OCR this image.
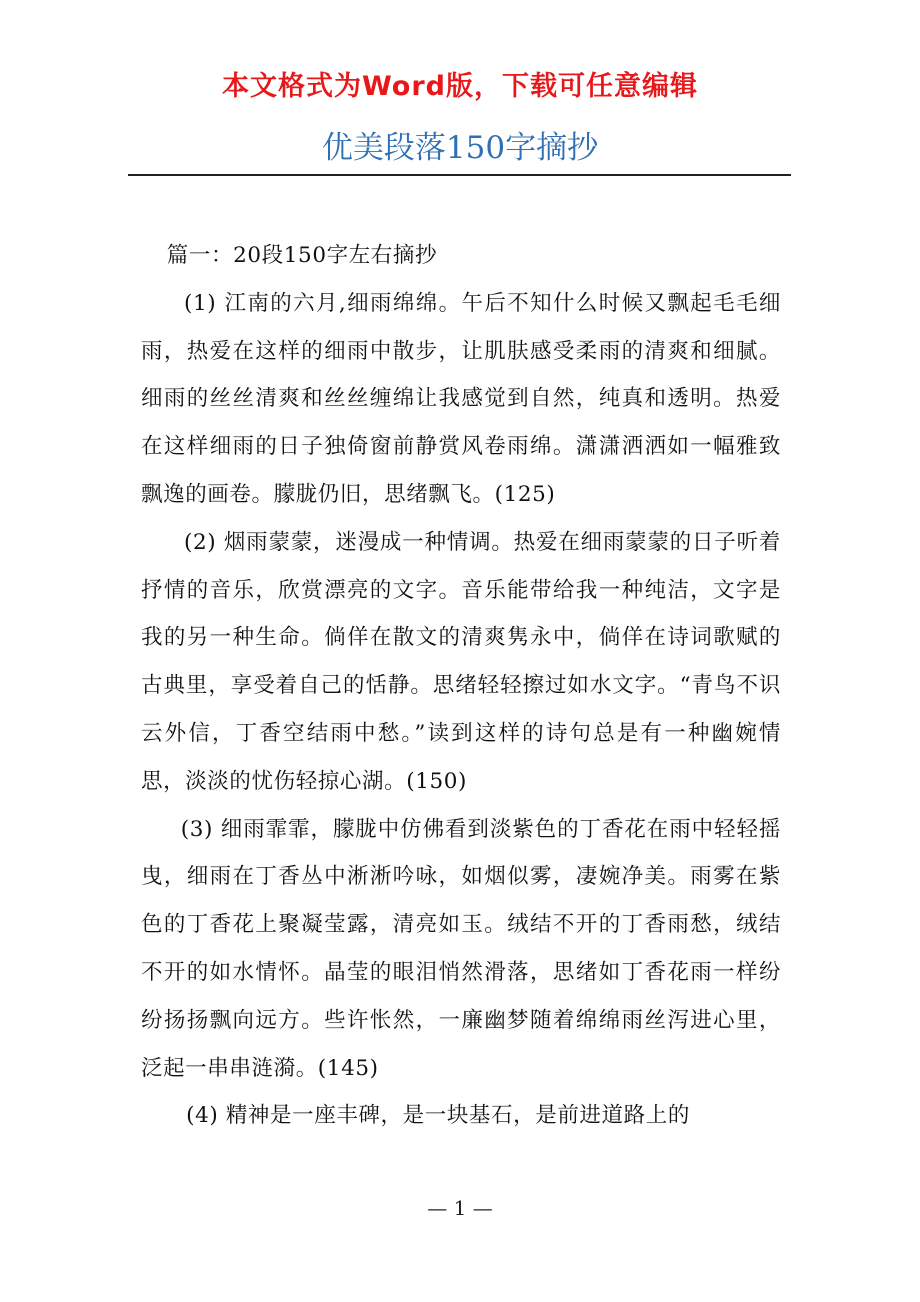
本文格式为Word版，下载可任意编辑
优美段落150字摘抄

篇一：20段150字左右摘抄

(1) 江南的六月,细雨绵绵。午后不知什么时候又飘起毛毛细雨，热爱在这样的细雨中散步，让肌肤感受柔雨的清爽和细腻。细雨的丝丝清爽和丝丝缠绵让我感觉到自然，纯真和透明。热爱在这样细雨的日子独倚窗前静赏风卷雨绵。潇潇洒洒如一幅雅致飘逸的画卷。朦胧仍旧，思绪飘飞。(125)

(2) 烟雨蒙蒙，迷漫成一种情调。热爱在细雨蒙蒙的日子听着抒情的音乐，欣赏漂亮的文字。音乐能带给我一种纯洁，文字是我的另一种生命。倘佯在散文的清爽隽永中，倘佯在诗词歌赋的古典里，享受着自己的恬静。思绪轻轻擦过如水文字。“青鸟不识云外信，丁香空结雨中愁。”读到这样的诗句总是有一种幽婉情思，淡淡的忧伤轻掠心湖。(150)

(3) 细雨霏霏，朦胧中仿佛看到淡紫色的丁香花在雨中轻轻摇曳，细雨在丁香丛中淅淅吟咏，如烟似雾，凄婉净美。雨雾在紫色的丁香花上聚凝莹露，清亮如玉。绒结不开的丁香雨愁，绒结不开的如水情怀。晶莹的眼泪悄然滑落，思绪如丁香花雨一样纷纷扬扬飘向远方。些许怅然，一廉幽梦随着绵绵雨丝泻进心里，泛起一串串涟漪。(145)

(4) 精神是一座丰碑，是一块基石，是前进道路上的

— 1 —
